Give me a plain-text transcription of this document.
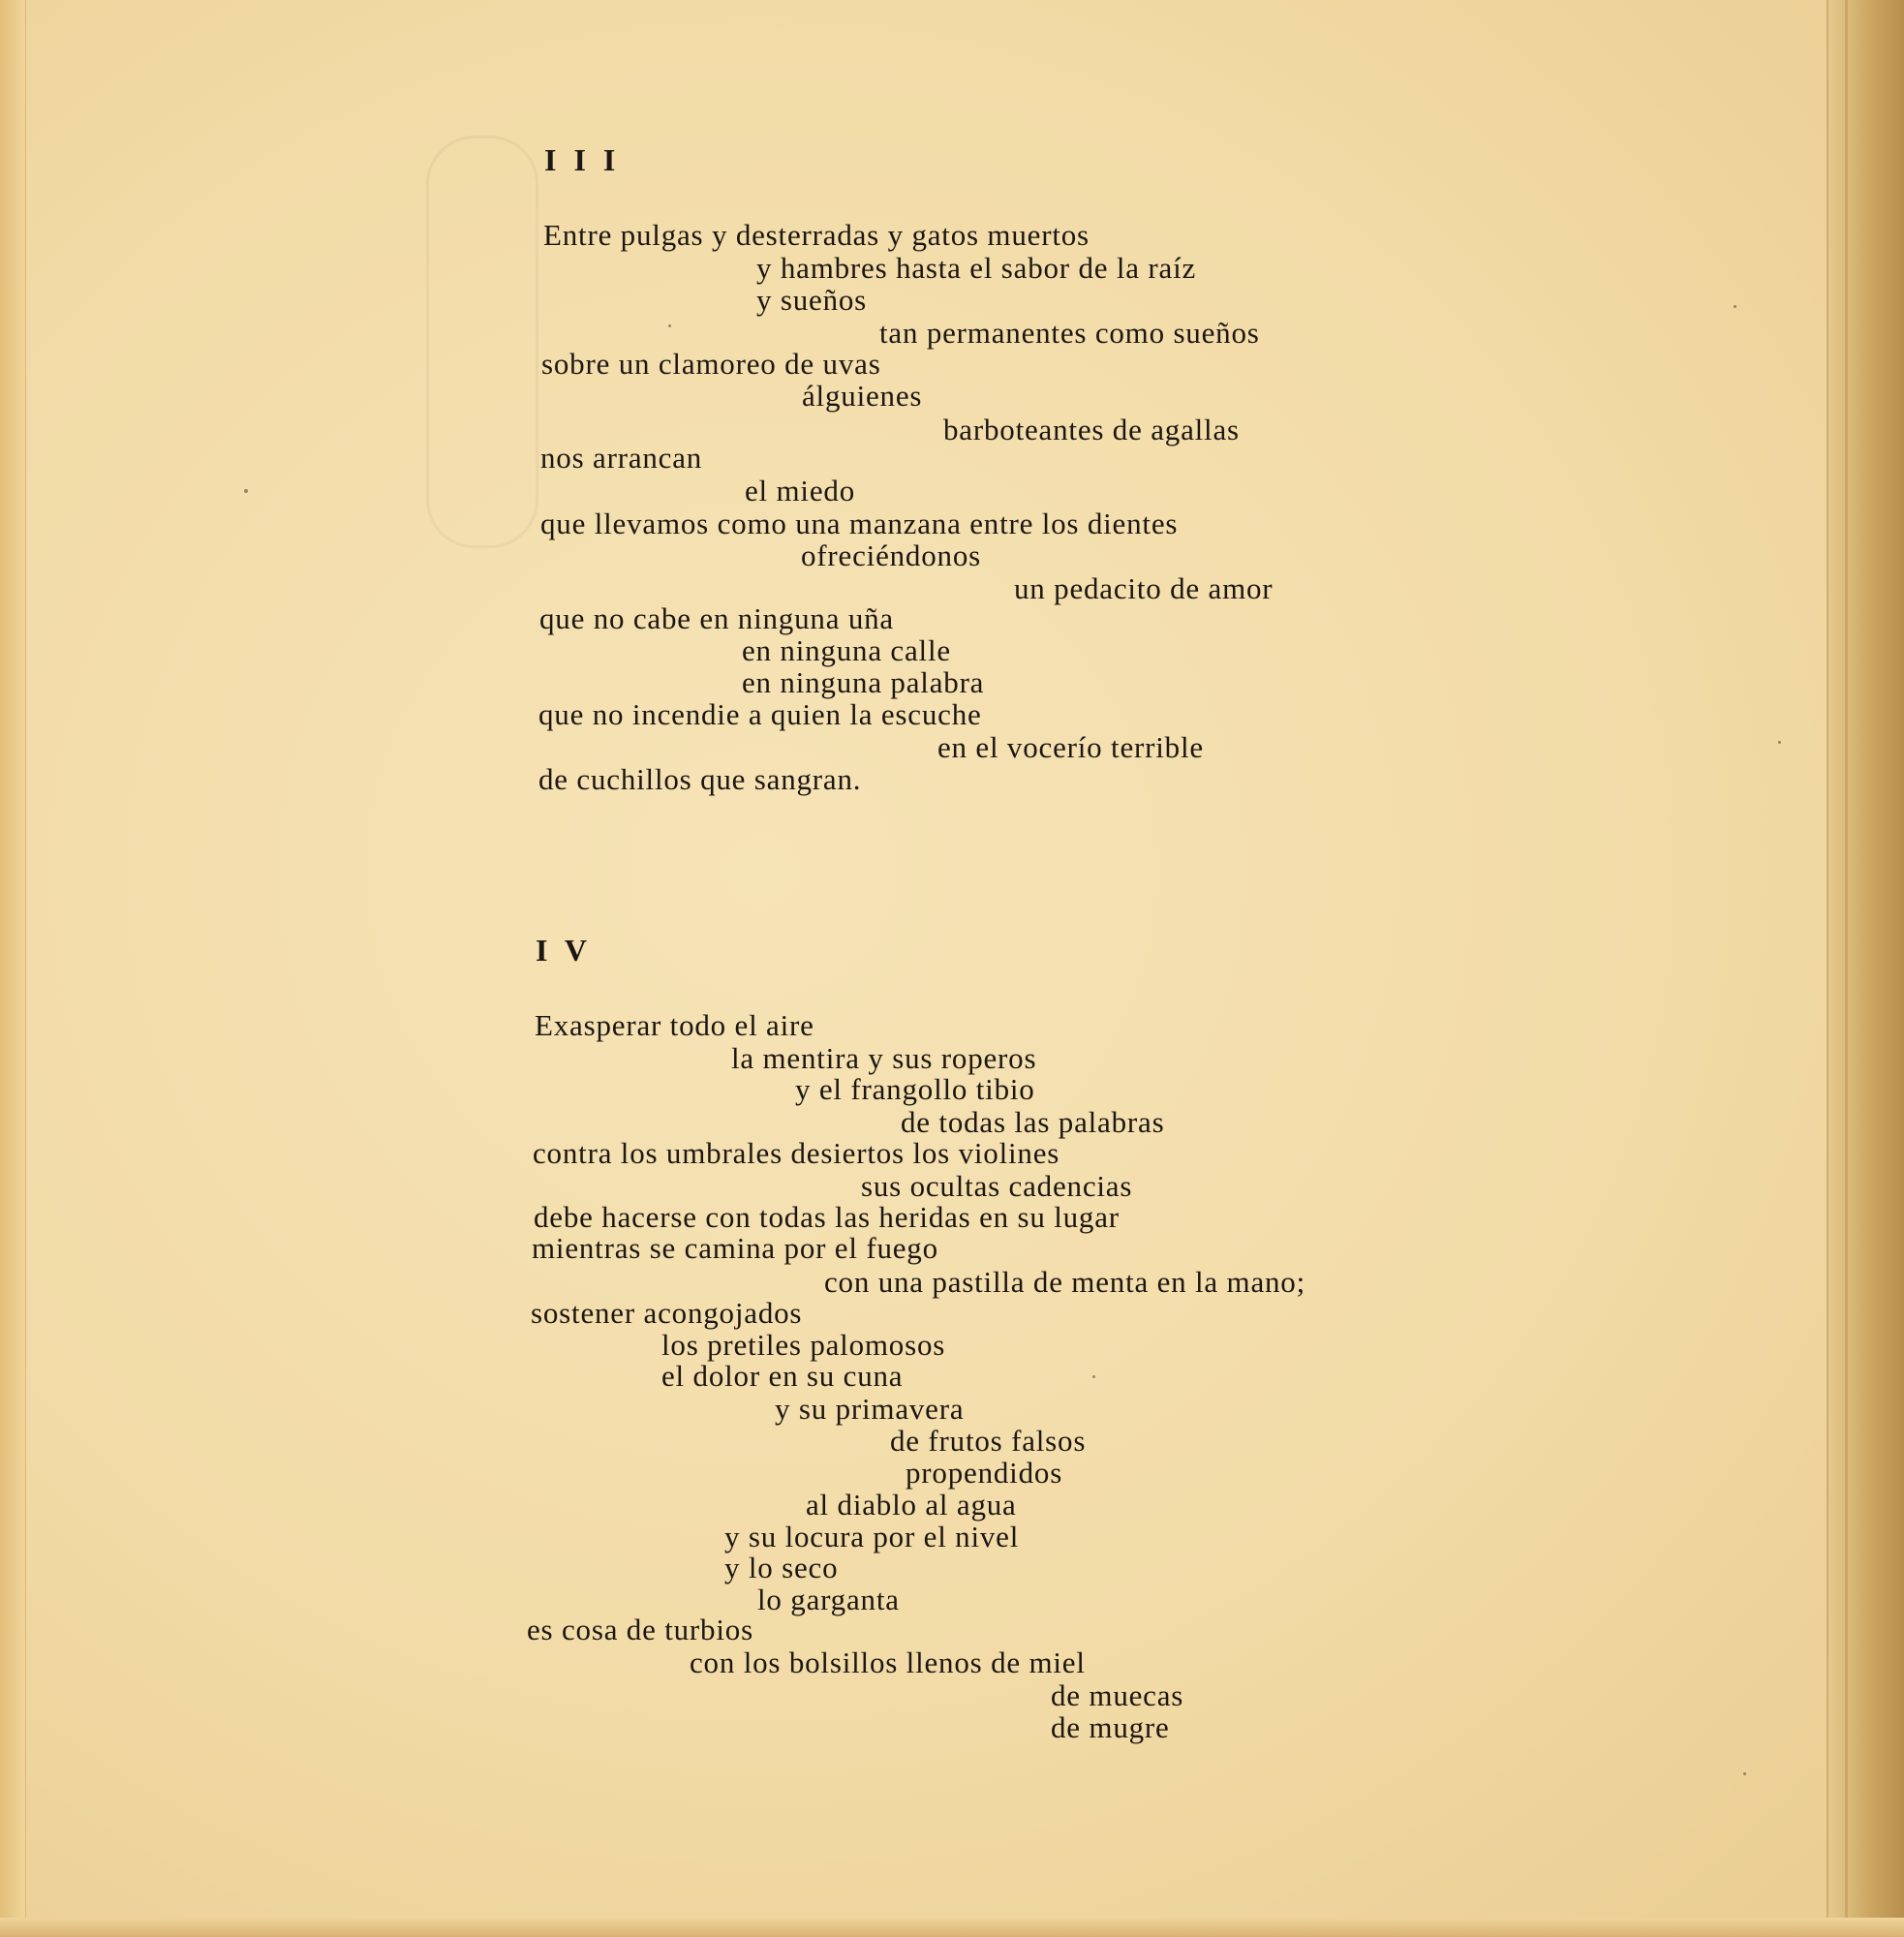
I I I

Entre pulgas y desterradas y gatos muertos

y hambres hasta el sabor de la raíz

y sueños

tan permanentes como sueños

sobre un clamoreo de uvas

álguienes

barboteantes de agallas

nos arrancan

el miedo

que llevamos como una manzana entre los dientes

ofreciéndonos

un pedacito de amor

que no cabe en ninguna uña

en ninguna calle

en ninguna palabra

que no incendie a quien la escuche

en el vocerío terrible

de cuchillos que sangran.

I V

Exasperar todo el aire

la mentira y sus roperos

y el frangollo tibio

de todas las palabras

contra los umbrales desiertos los violines

sus ocultas cadencias

debe hacerse con todas las heridas en su lugar

mientras se camina por el fuego

con una pastilla de menta en la mano;

sostener acongojados

los pretiles palomosos

el dolor en su cuna

y su primavera

de frutos falsos

propendidos

al diablo al agua

y su locura por el nivel

y lo seco

lo garganta

es cosa de turbios

con los bolsillos llenos de miel

de muecas

de mugre
